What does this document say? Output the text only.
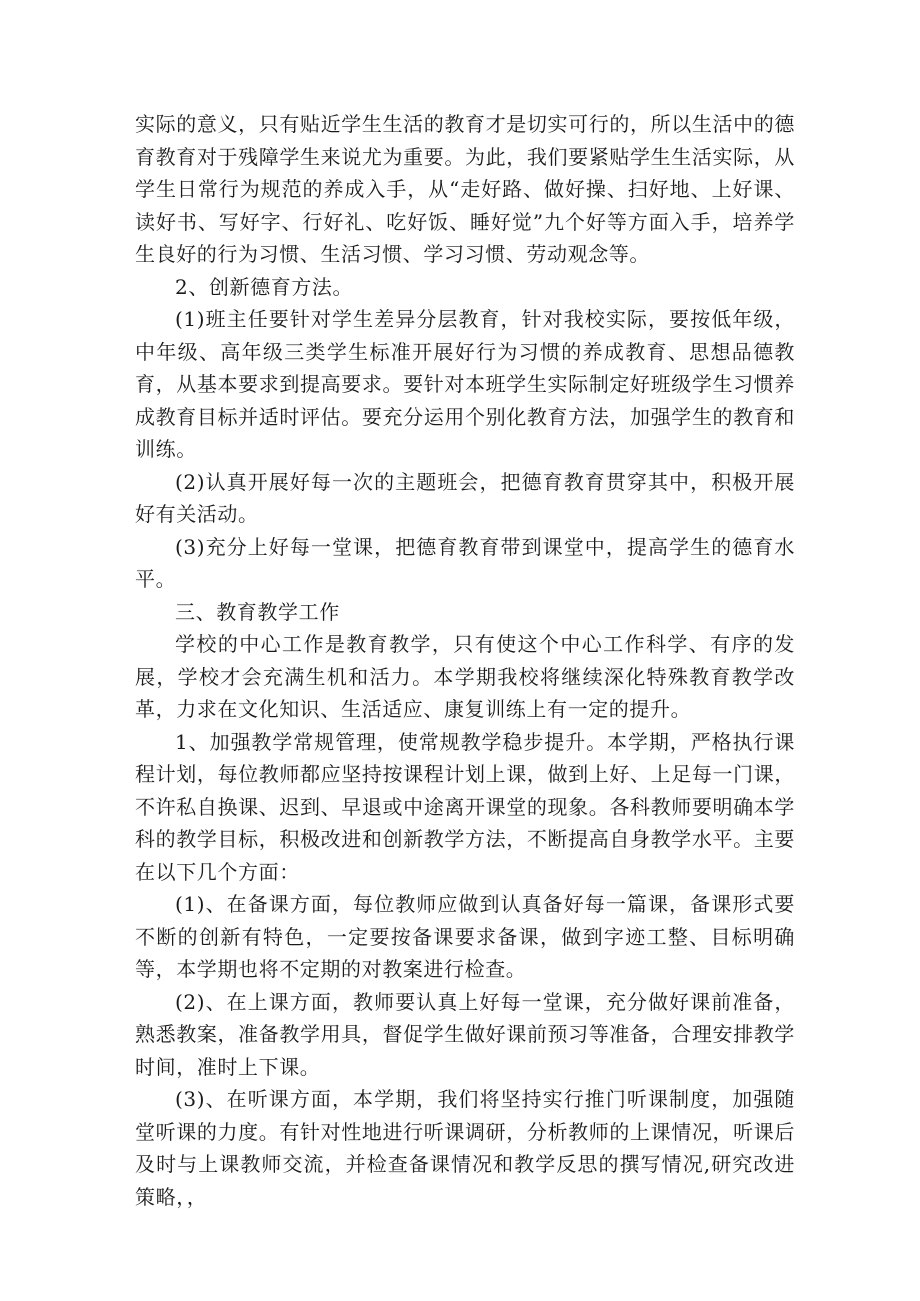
实际的意义，只有贴近学生生活的教育才是切实可行的，所以生活中的德育教育对于残障学生来说尤为重要。为此，我们要紧贴学生生活实际，从学生日常行为规范的养成入手，从“走好路、做好操、扫好地、上好课、读好书、写好字、行好礼、吃好饭、睡好觉”九个好等方面入手，培养学生良好的行为习惯、生活习惯、学习习惯、劳动观念等。

2、创新德育方法。

(1)班主任要针对学生差异分层教育，针对我校实际，要按低年级，中年级、高年级三类学生标准开展好行为习惯的养成教育、思想品德教育，从基本要求到提高要求。要针对本班学生实际制定好班级学生习惯养成教育目标并适时评估。要充分运用个别化教育方法，加强学生的教育和训练。

(2)认真开展好每一次的主题班会，把德育教育贯穿其中，积极开展好有关活动。

(3)充分上好每一堂课，把德育教育带到课堂中，提高学生的德育水平。

三、教育教学工作

学校的中心工作是教育教学，只有使这个中心工作科学、有序的发展，学校才会充满生机和活力。本学期我校将继续深化特殊教育教学改革，力求在文化知识、生活适应、康复训练上有一定的提升。

1、加强教学常规管理，使常规教学稳步提升。本学期，严格执行课程计划，每位教师都应坚持按课程计划上课，做到上好、上足每一门课，不许私自换课、迟到、早退或中途离开课堂的现象。各科教师要明确本学科的教学目标，积极改进和创新教学方法，不断提高自身教学水平。主要在以下几个方面：

(1)、在备课方面，每位教师应做到认真备好每一篇课，备课形式要不断的创新有特色，一定要按备课要求备课，做到字迹工整、目标明确等，本学期也将不定期的对教案进行检查。

(2)、在上课方面，教师要认真上好每一堂课，充分做好课前准备，熟悉教案，准备教学用具，督促学生做好课前预习等准备，合理安排教学时间，准时上下课。

(3)、在听课方面，本学期，我们将坚持实行推门听课制度，加强随堂听课的力度。有针对性地进行听课调研，分析教师的上课情况，听课后及时与上课教师交流，并检查备课情况和教学反思的撰写情况,研究改进策略，，
